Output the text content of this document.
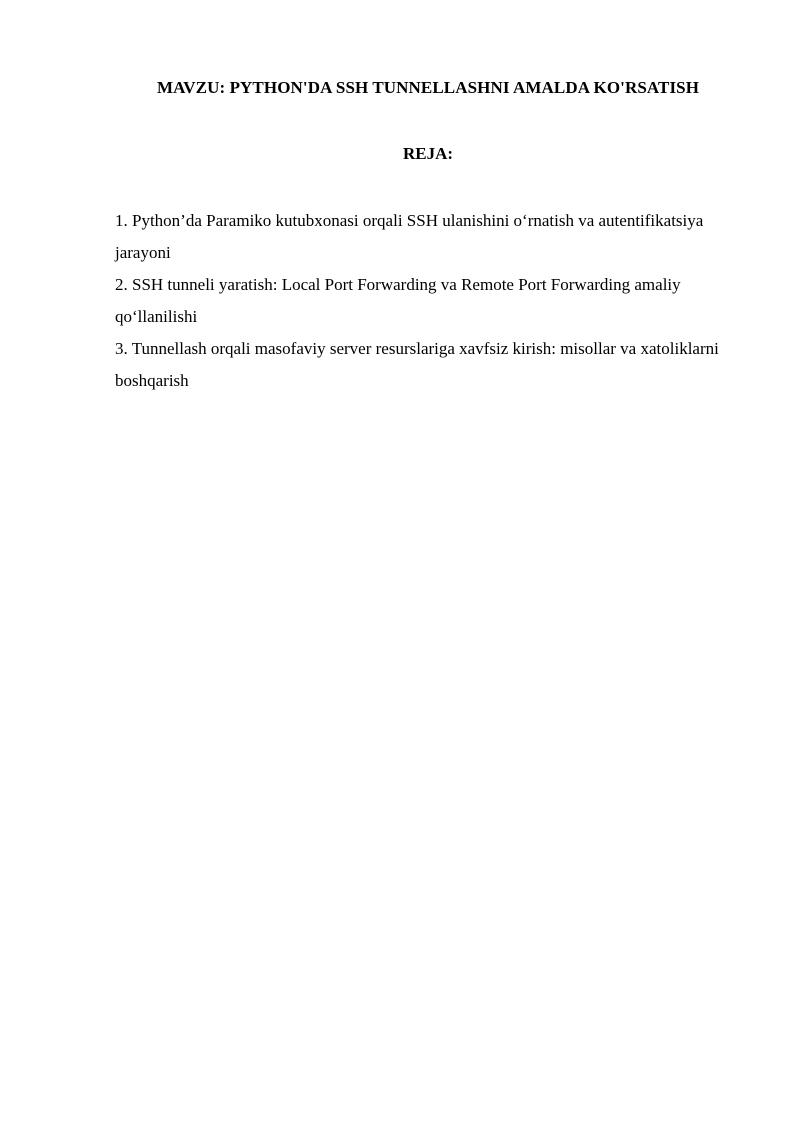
MAVZU: PYTHON'DA SSH TUNNELLASHNI AMALDA KO'RSATISH
REJA:
1. Python’da Paramiko kutubxonasi orqali SSH ulanishini o‘rnatish va autentifikatsiya jarayoni
2. SSH tunneli yaratish: Local Port Forwarding va Remote Port Forwarding amaliy qo‘llanilishi
3. Tunnellash orqali masofaviy server resurslariga xavfsiz kirish: misollar va xatoliklarni boshqarish
